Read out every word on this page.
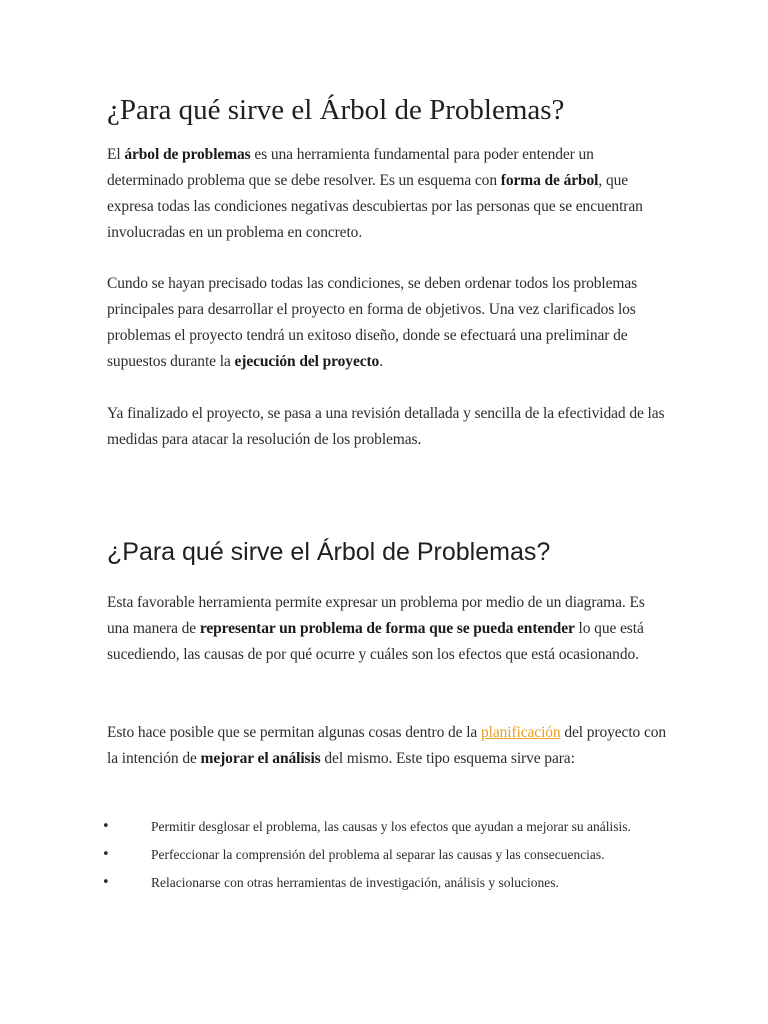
¿Para qué sirve el Árbol de Problemas?

El árbol de problemas es una herramienta fundamental para poder entender un determinado problema que se debe resolver. Es un esquema con forma de árbol, que expresa todas las condiciones negativas descubiertas por las personas que se encuentran involucradas en un problema en concreto.

Cundo se hayan precisado todas las condiciones, se deben ordenar todos los problemas principales para desarrollar el proyecto en forma de objetivos. Una vez clarificados los problemas el proyecto tendrá un exitoso diseño, donde se efectuará una preliminar de supuestos durante la ejecución del proyecto.

Ya finalizado el proyecto, se pasa a una revisión detallada y sencilla de la efectividad de las medidas para atacar la resolución de los problemas.

¿Para qué sirve el Árbol de Problemas?

Esta favorable herramienta permite expresar un problema por medio de un diagrama. Es una manera de representar un problema de forma que se pueda entender lo que está sucediendo, las causas de por qué ocurre y cuáles son los efectos que está ocasionando.

Esto hace posible que se permitan algunas cosas dentro de la planificación del proyecto con la intención de mejorar el análisis del mismo. Este tipo esquema sirve para:

•	Permitir desglosar el problema, las causas y los efectos que ayudan a mejorar su análisis.
•	Perfeccionar la comprensión del problema al separar las causas y las consecuencias.
•	Relacionarse con otras herramientas de investigación, análisis y soluciones.
